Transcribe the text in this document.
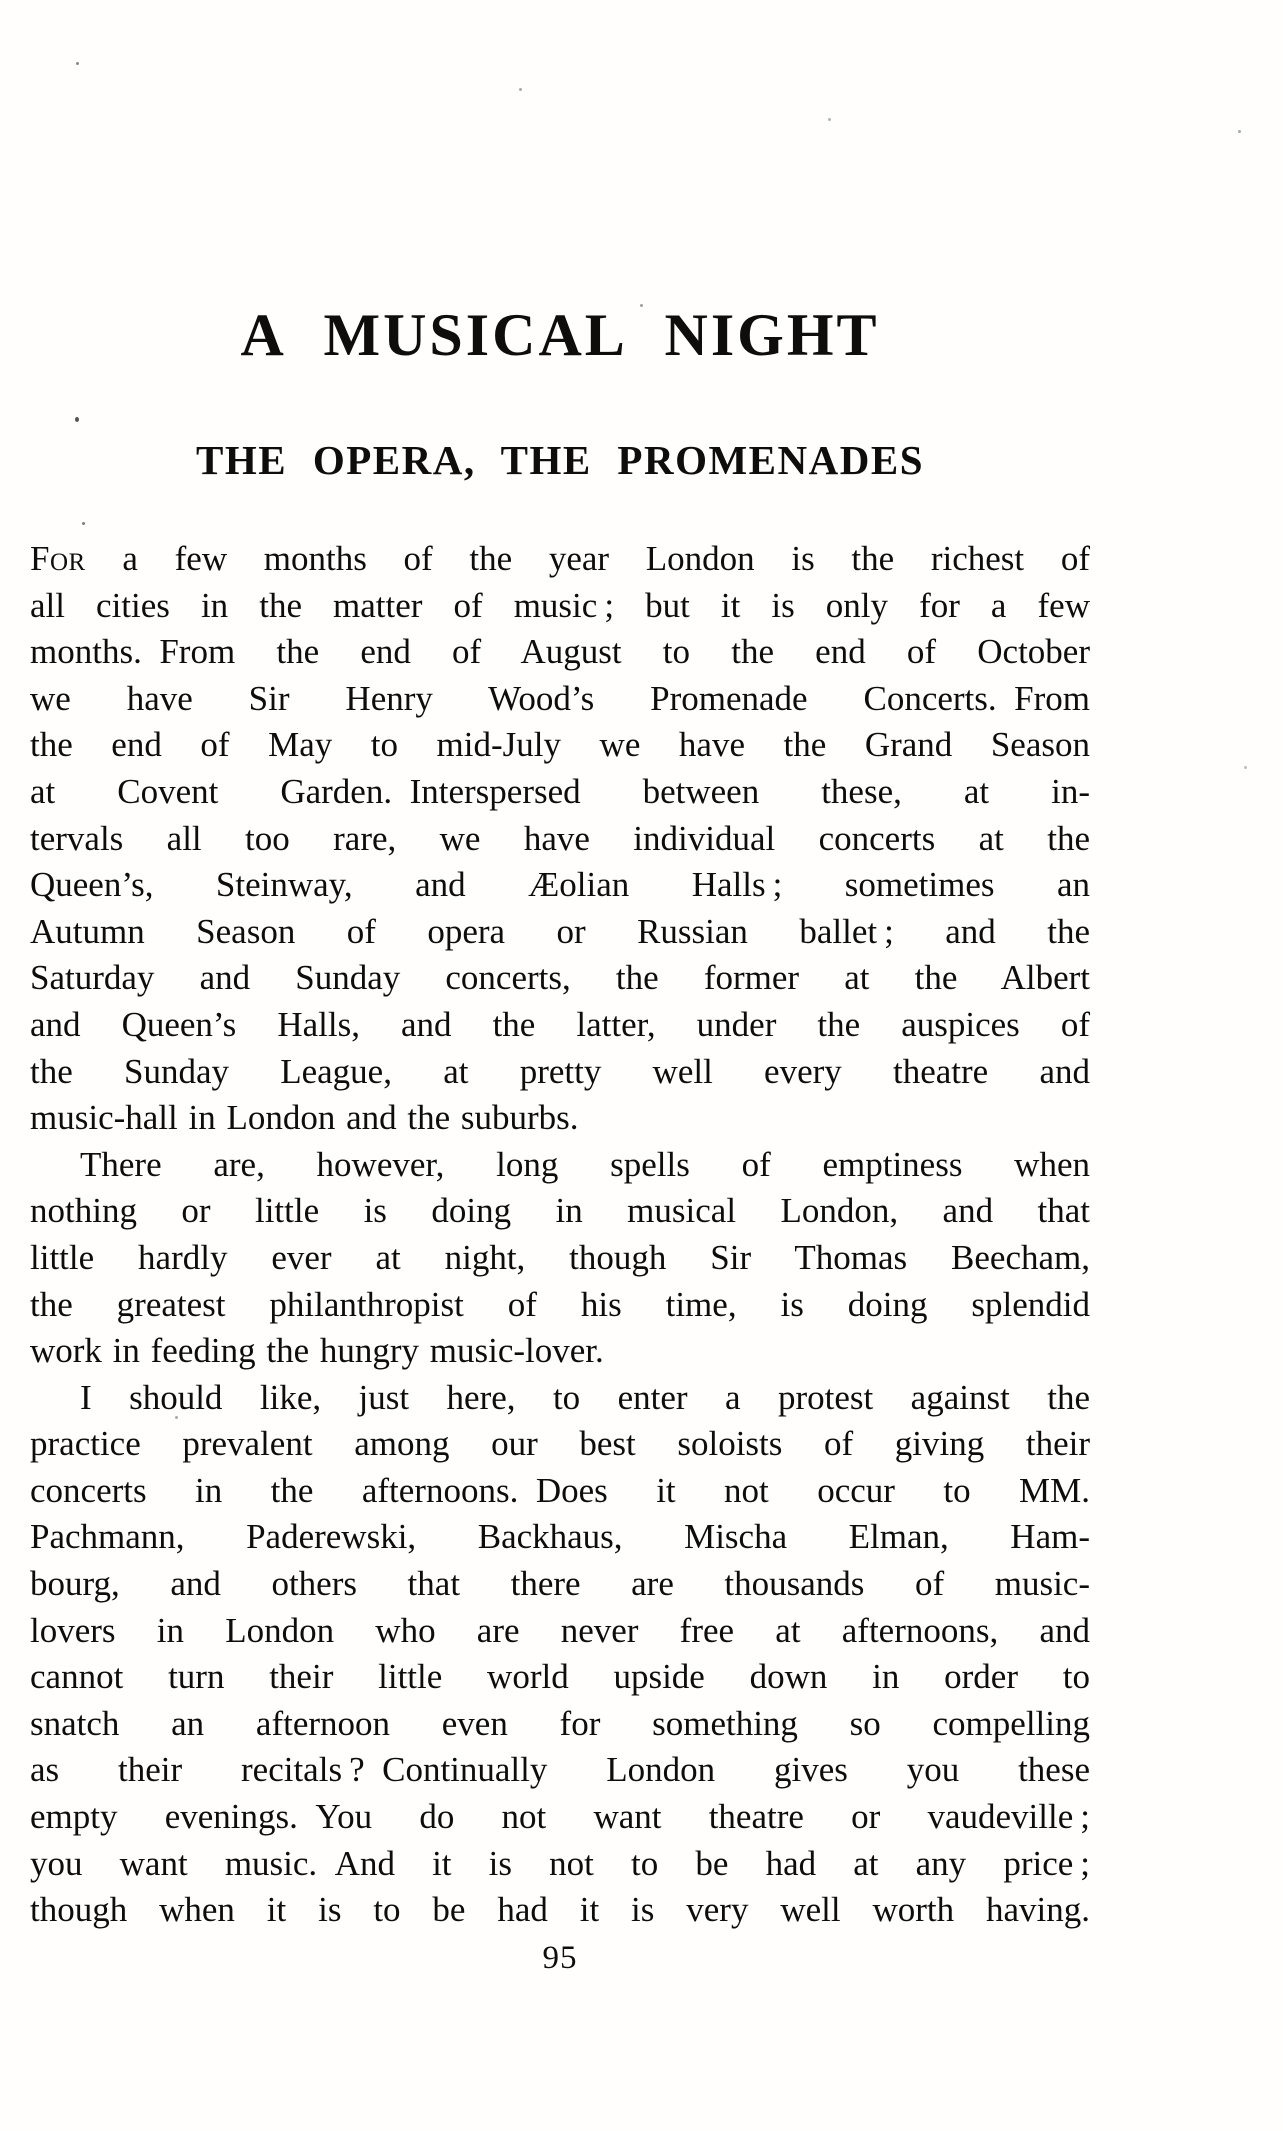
A MUSICAL NIGHT
THE OPERA, THE PROMENADES
For a few months of the year London is the richest of
all cities in the matter of music ; but it is only for a few
months. From the end of August to the end of October
we have Sir Henry Wood’s Promenade Concerts. From
the end of May to mid-July we have the Grand Season
at Covent Garden. Interspersed between these, at in-
tervals all too rare, we have individual concerts at the
Queen’s, Steinway, and Æolian Halls ; sometimes an
Autumn Season of opera or Russian ballet ; and the
Saturday and Sunday concerts, the former at the Albert
and Queen’s Halls, and the latter, under the auspices of
the Sunday League, at pretty well every theatre and
music-hall in London and the suburbs.
There are, however, long spells of emptiness when
nothing or little is doing in musical London, and that
little hardly ever at night, though Sir Thomas Beecham,
the greatest philanthropist of his time, is doing splendid
work in feeding the hungry music-lover.
I should like, just here, to enter a protest against the
practice prevalent among our best soloists of giving their
concerts in the afternoons. Does it not occur to MM.
Pachmann, Paderewski, Backhaus, Mischa Elman, Ham-
bourg, and others that there are thousands of music-
lovers in London who are never free at afternoons, and
cannot turn their little world upside down in order to
snatch an afternoon even for something so compelling
as their recitals ? Continually London gives you these
empty evenings. You do not want theatre or vaudeville ;
you want music. And it is not to be had at any price ;
though when it is to be had it is very well worth having.
95
